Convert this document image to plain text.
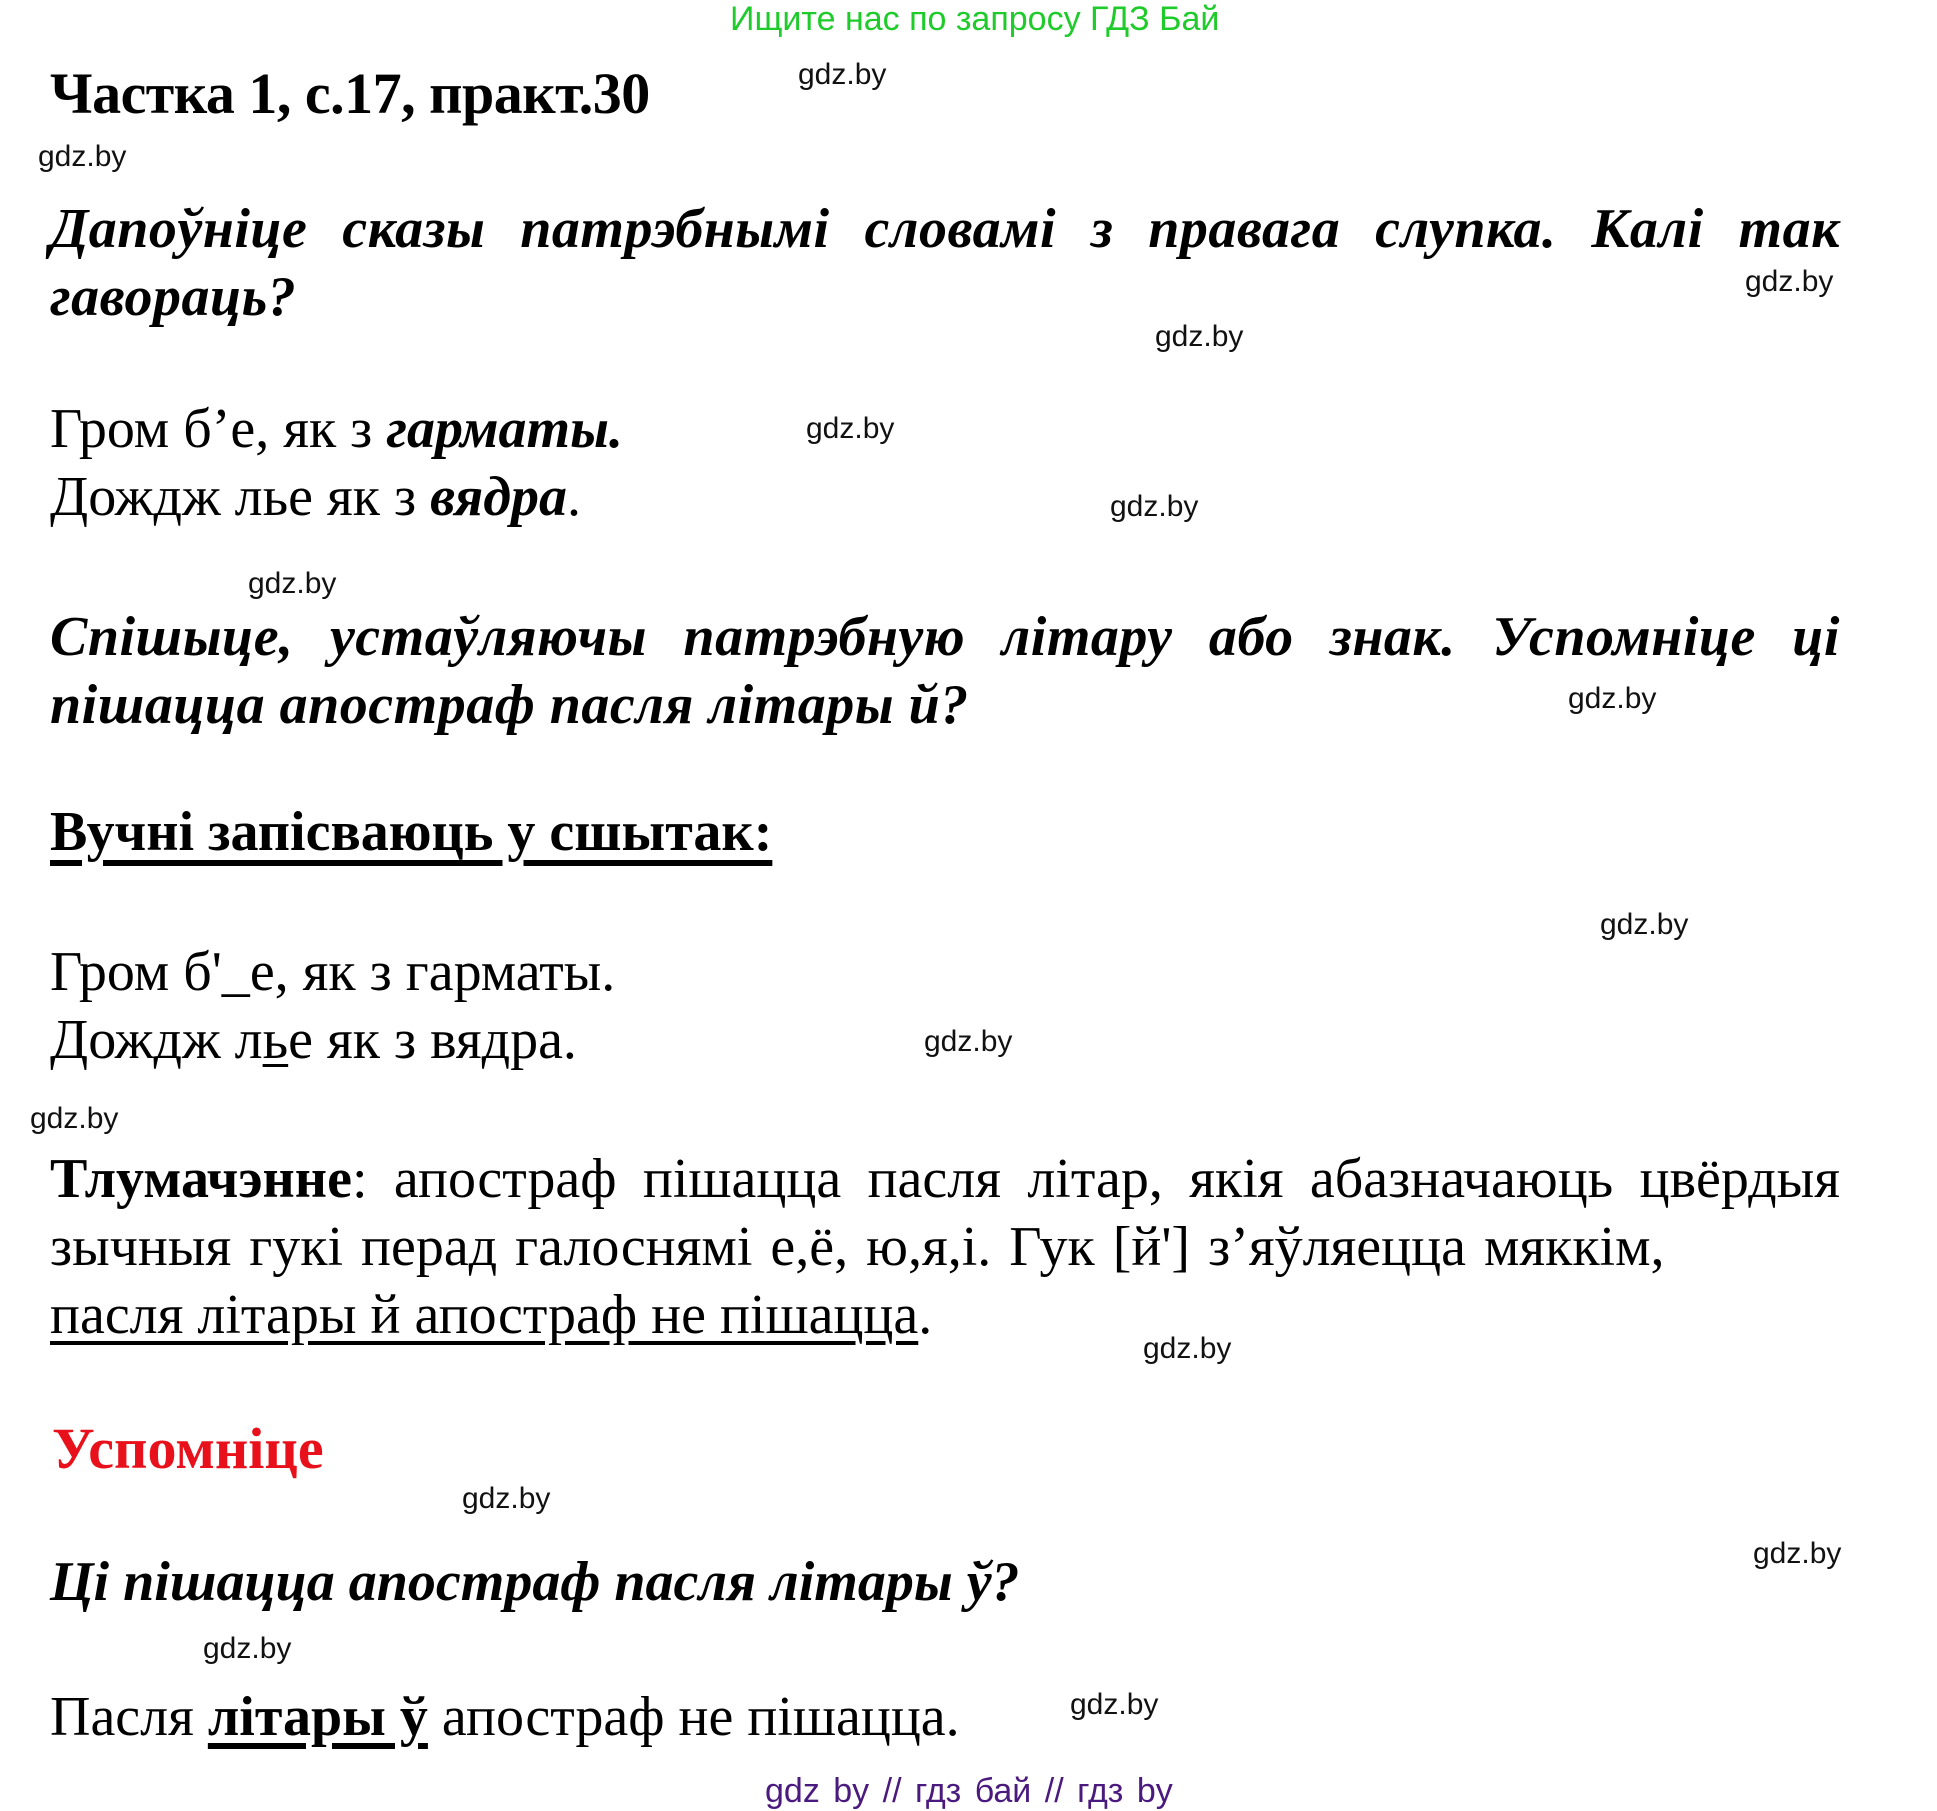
Ищите нас по запросу ГДЗ Бай
Частка 1, с.17, практ.30
Дапоўніце сказы патрэбнымі словамі з правага слупка. Калі так гавораць?
Гром б’е, як з гарматы.
Дождж лье як з вядра.
Спішыце, устаўляючы патрэбную літару або знак. Успомніце ці пішацца апостраф пасля літары й?
Вучні запісваюць у сшытак:
Гром б'_е, як з гарматы.
Дождж лье як з вядра.
Тлумачэнне: апостраф пішацца пасля літар, якія абазначаюць цвёрдыя зычныя гукі перад галоснямі е,ё, ю,я,і. Гук [й'] з’яўляецца мяккім,
пасля літары й апостраф не пішацца.
Успомніце
Ці пішацца апостраф пасля літары ў?
Пасля літары ў апостраф не пішацца.
gdz.by
gdz.by
gdz.by
gdz.by
gdz.by
gdz.by
gdz.by
gdz.by
gdz.by
gdz.by
gdz.by
gdz.by
gdz.by
gdz.by
gdz.by
gdz.by
gdz by // гдз бай // гдз by
